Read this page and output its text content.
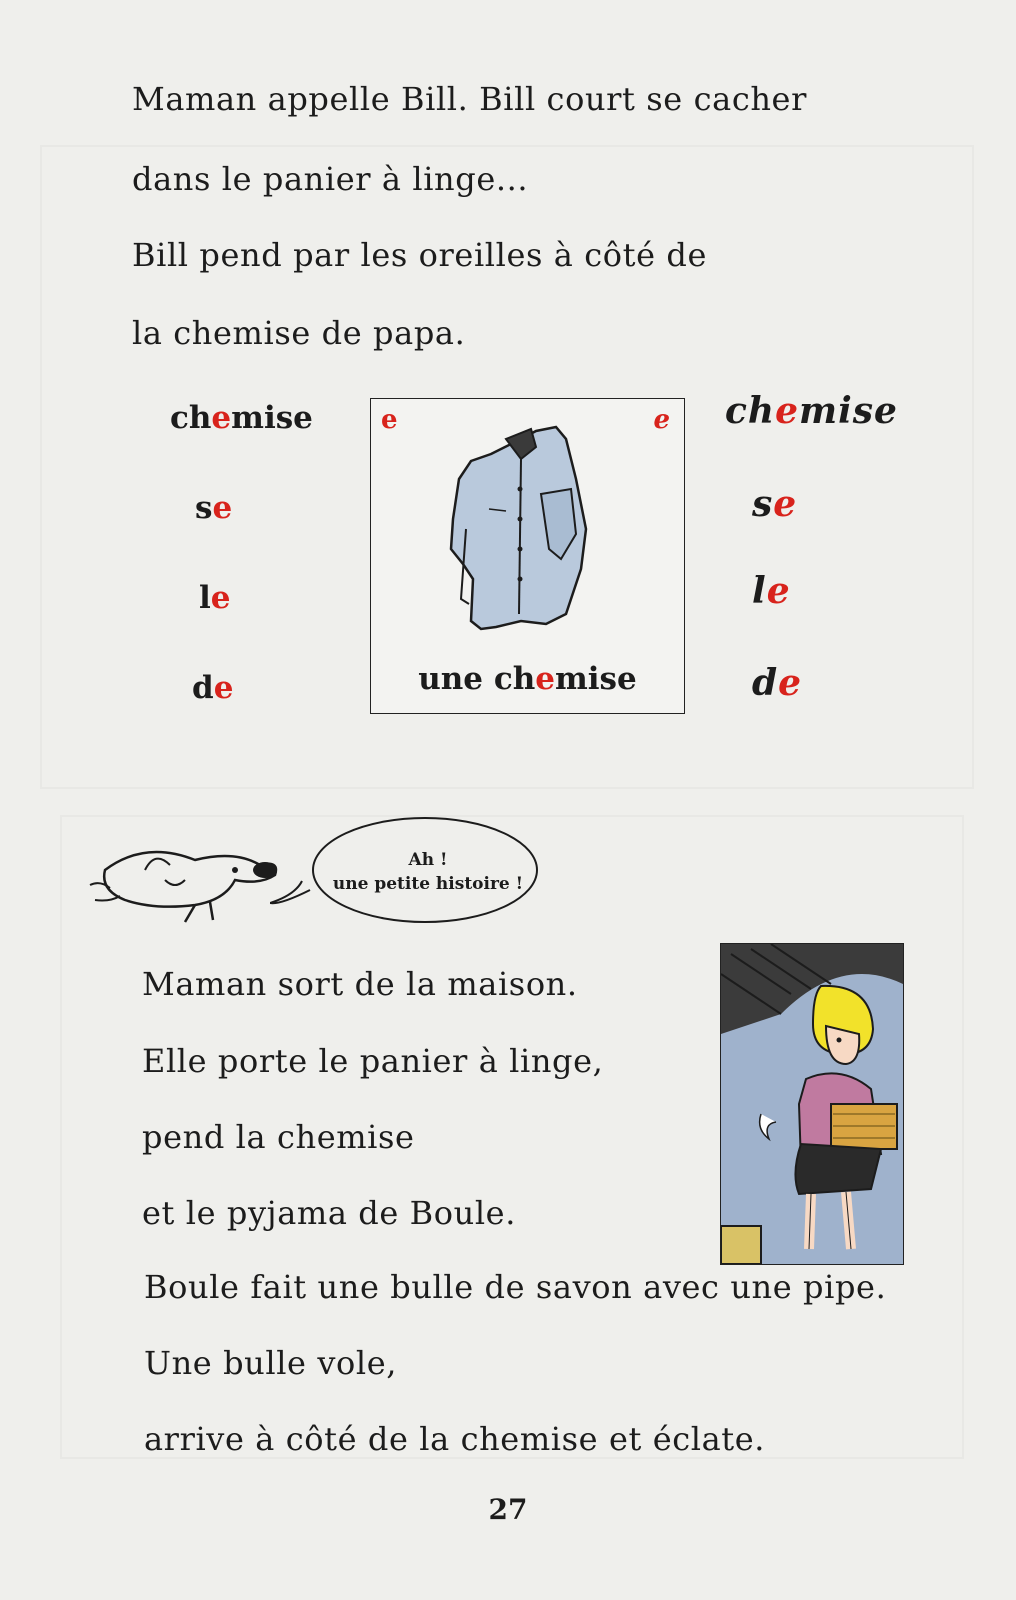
Maman appelle Bill. Bill court se cacher
dans le panier à linge...
Bill pend par les oreilles à côté de
la chemise de papa.
chemise
se
le
de
e	e
une chemise
chemise
se
le
de
Ah !
une petite histoire !
Maman sort de la maison.
Elle porte le panier à linge,
pend la chemise
et le pyjama de Boule.
Boule fait une bulle de savon avec une pipe.
Une bulle vole,
arrive à côté de la chemise et éclate.
27
